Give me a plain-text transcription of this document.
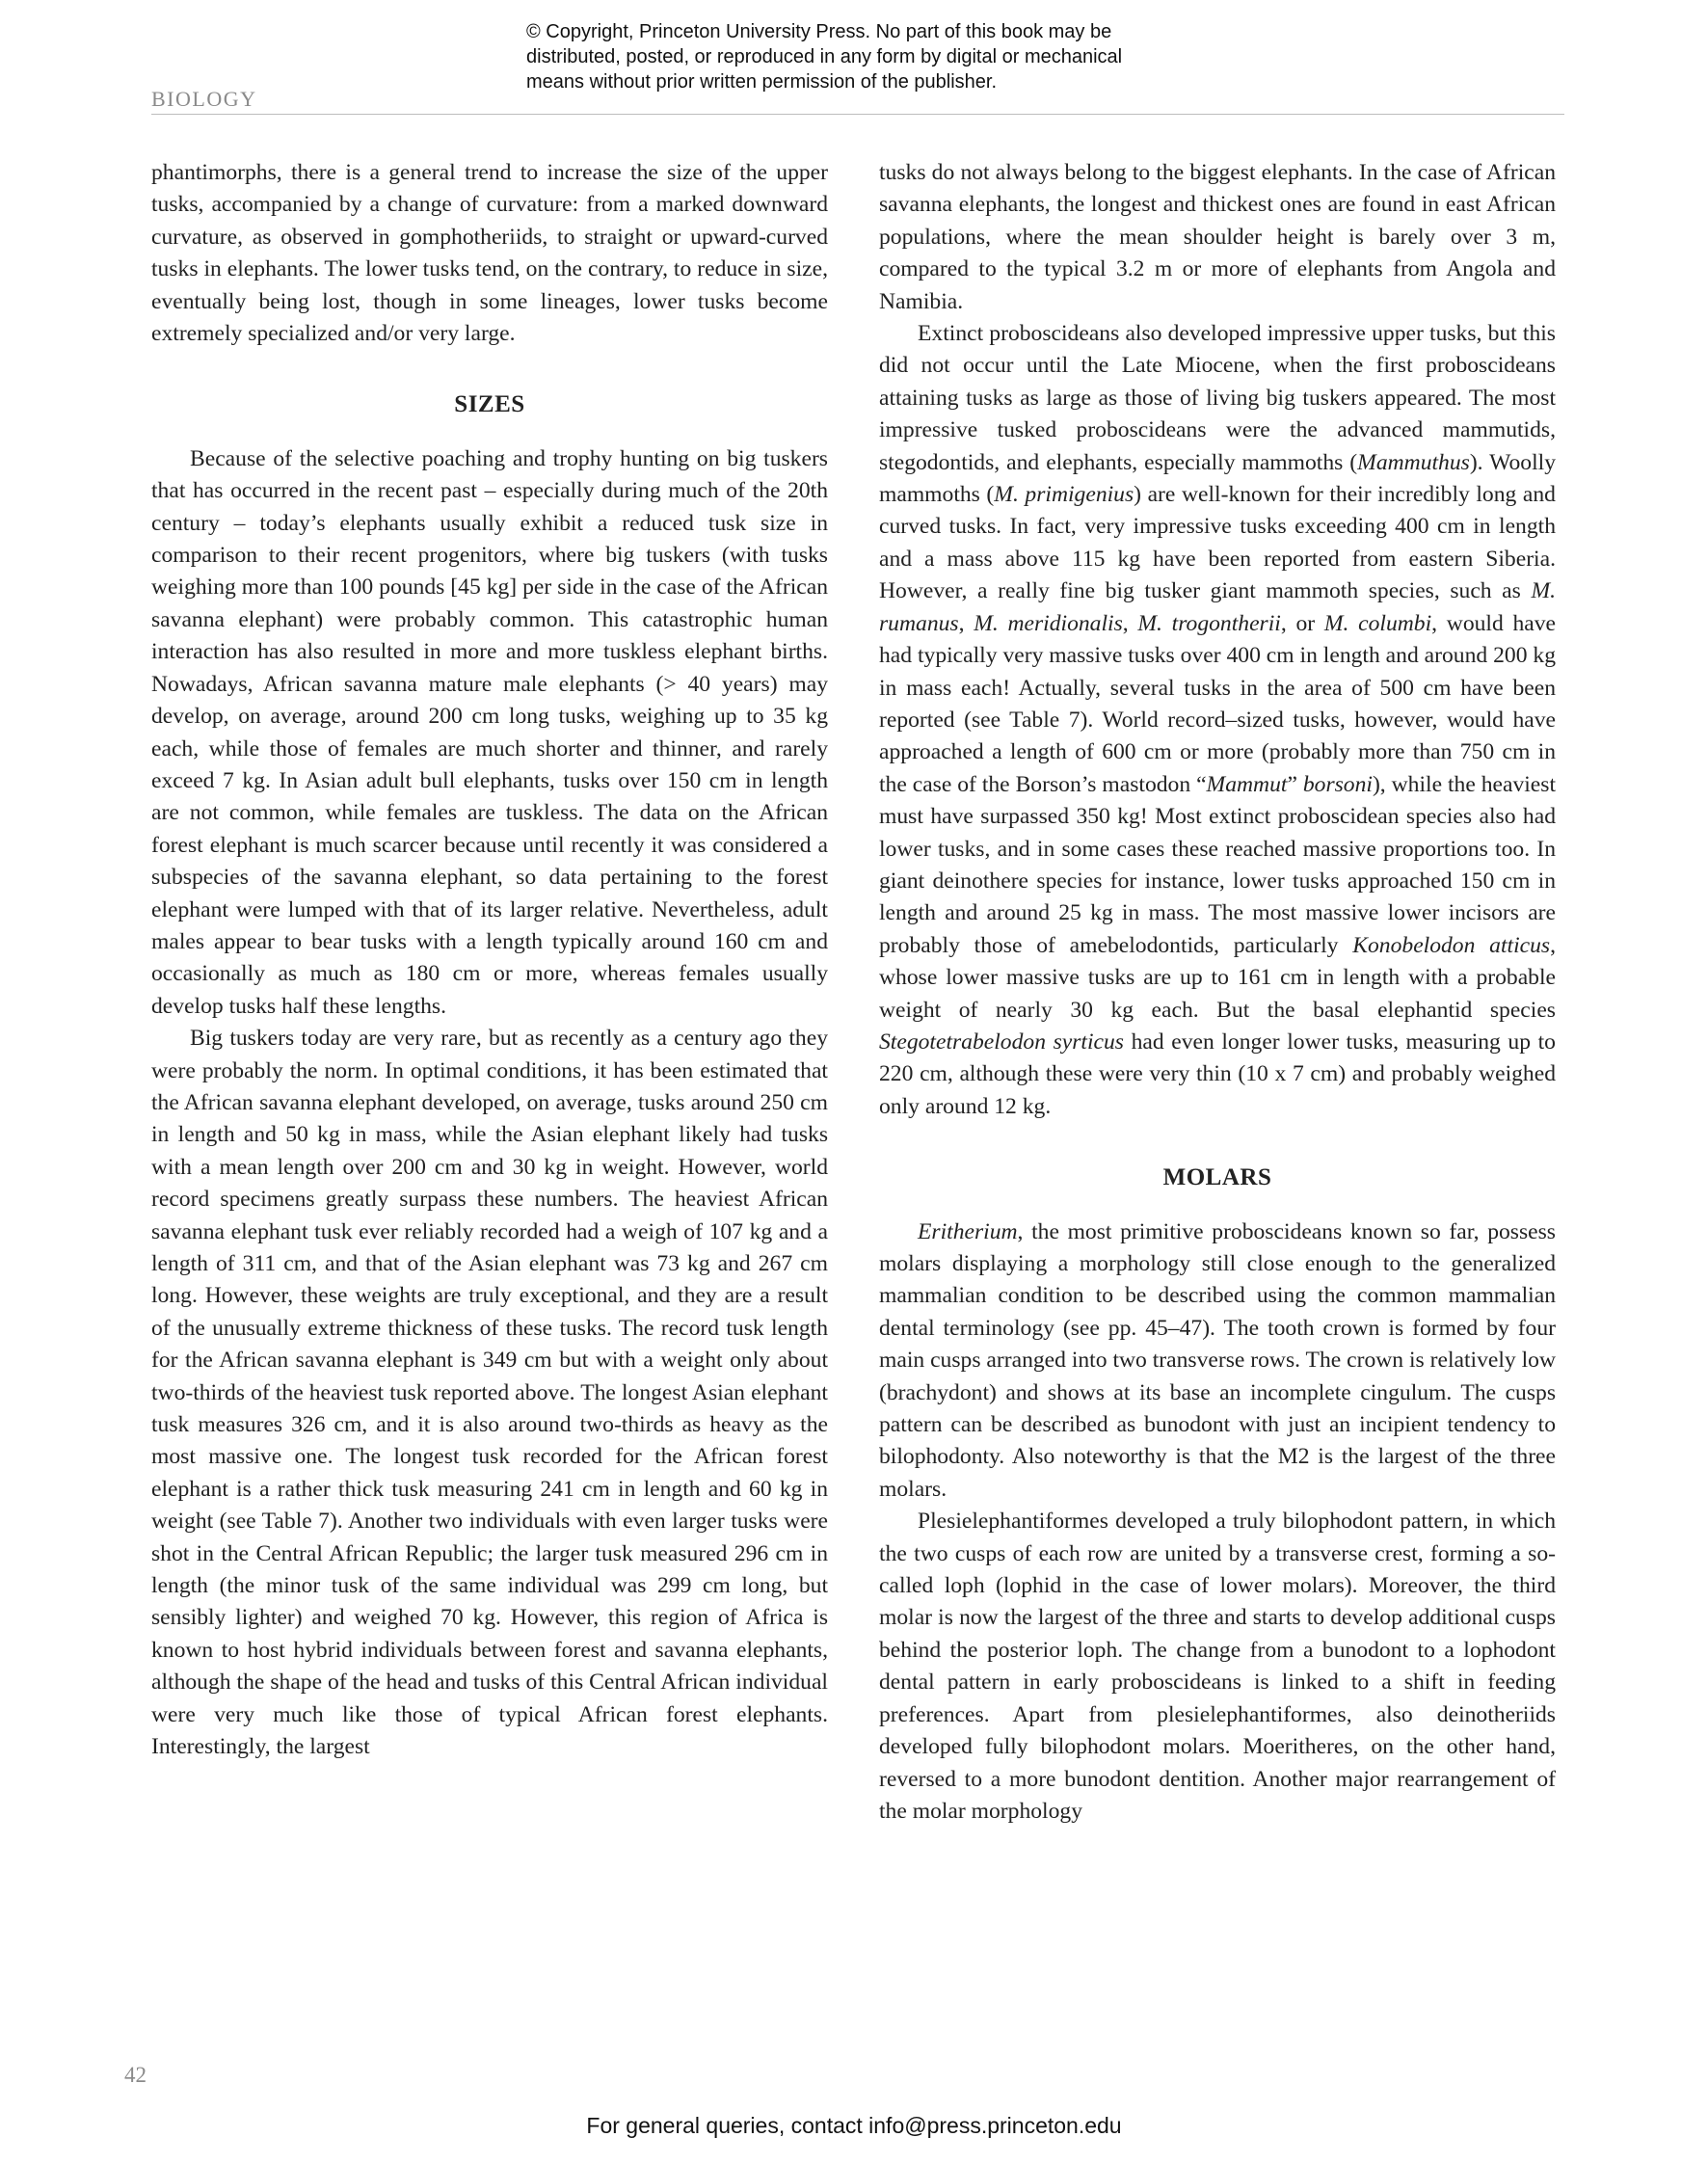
© Copyright, Princeton University Press. No part of this book may be
distributed, posted, or reproduced in any form by digital or mechanical
means without prior written permission of the publisher.
BIOLOGY

phantimorphs, there is a general trend to increase the size of the upper tusks, accompanied by a change of curvature: from a marked downward curvature, as observed in gomphotheriids, to straight or upward-curved tusks in elephants. The lower tusks tend, on the contrary, to reduce in size, eventually being lost, though in some lineages, lower tusks become extremely specialized and/or very large.

SIZES

Because of the selective poaching and trophy hunting on big tuskers that has occurred in the recent past – especially during much of the 20th century – today’s elephants usually exhibit a reduced tusk size in comparison to their recent progenitors, where big tuskers (with tusks weighing more than 100 pounds [45 kg] per side in the case of the African savanna elephant) were probably common. This catastrophic human interaction has also resulted in more and more tuskless elephant births. Nowadays, African savanna mature male elephants (> 40 years) may develop, on average, around 200 cm long tusks, weighing up to 35 kg each, while those of females are much shorter and thinner, and rarely exceed 7 kg. In Asian adult bull elephants, tusks over 150 cm in length are not common, while females are tuskless. The data on the African forest elephant is much scarcer because until recently it was considered a subspecies of the savanna elephant, so data pertaining to the forest elephant were lumped with that of its larger relative. Nevertheless, adult males appear to bear tusks with a length typically around 160 cm and occasionally as much as 180 cm or more, whereas females usually develop tusks half these lengths.

Big tuskers today are very rare, but as recently as a century ago they were probably the norm. In optimal conditions, it has been estimated that the African savanna elephant developed, on average, tusks around 250 cm in length and 50 kg in mass, while the Asian elephant likely had tusks with a mean length over 200 cm and 30 kg in weight. However, world record specimens greatly surpass these numbers. The heaviest African savanna elephant tusk ever reliably recorded had a weigh of 107 kg and a length of 311 cm, and that of the Asian elephant was 73 kg and 267 cm long. However, these weights are truly exceptional, and they are a result of the unusually extreme thickness of these tusks. The record tusk length for the African savanna elephant is 349 cm but with a weight only about two-thirds of the heaviest tusk reported above. The longest Asian elephant tusk measures 326 cm, and it is also around two-thirds as heavy as the most massive one. The longest tusk recorded for the African forest elephant is a rather thick tusk measuring 241 cm in length and 60 kg in weight (see Table 7). Another two individuals with even larger tusks were shot in the Central African Republic; the larger tusk measured 296 cm in length (the minor tusk of the same individual was 299 cm long, but sensibly lighter) and weighed 70 kg. However, this region of Africa is known to host hybrid individuals between forest and savanna elephants, although the shape of the head and tusks of this Central African individual were very much like those of typical African forest elephants. Interestingly, the largest

tusks do not always belong to the biggest elephants. In the case of African savanna elephants, the longest and thickest ones are found in east African populations, where the mean shoulder height is barely over 3 m, compared to the typical 3.2 m or more of elephants from Angola and Namibia.

Extinct proboscideans also developed impressive upper tusks, but this did not occur until the Late Miocene, when the first proboscideans attaining tusks as large as those of living big tuskers appeared. The most impressive tusked proboscideans were the advanced mammutids, stegodontids, and elephants, especially mammoths (Mammuthus). Woolly mammoths (M. primigenius) are well-known for their incredibly long and curved tusks. In fact, very impressive tusks exceeding 400 cm in length and a mass above 115 kg have been reported from eastern Siberia. However, a really fine big tusker giant mammoth species, such as M. rumanus, M. meridionalis, M. trogontherii, or M. columbi, would have had typically very massive tusks over 400 cm in length and around 200 kg in mass each! Actually, several tusks in the area of 500 cm have been reported (see Table 7). World record–sized tusks, however, would have approached a length of 600 cm or more (probably more than 750 cm in the case of the Borson’s mastodon “Mammut” borsoni), while the heaviest must have surpassed 350 kg! Most extinct proboscidean species also had lower tusks, and in some cases these reached massive proportions too. In giant deinothere species for instance, lower tusks approached 150 cm in length and around 25 kg in mass. The most massive lower incisors are probably those of amebelodontids, particularly Konobelodon atticus, whose lower massive tusks are up to 161 cm in length with a probable weight of nearly 30 kg each. But the basal elephantid species Stegotetrabelodon syrticus had even longer lower tusks, measuring up to 220 cm, although these were very thin (10 x 7 cm) and probably weighed only around 12 kg.

MOLARS

Eritherium, the most primitive proboscideans known so far, possess molars displaying a morphology still close enough to the generalized mammalian condition to be described using the common mammalian dental terminology (see pp. 45–47). The tooth crown is formed by four main cusps arranged into two transverse rows. The crown is relatively low (brachydont) and shows at its base an incomplete cingulum. The cusps pattern can be described as bunodont with just an incipient tendency to bilophodonty. Also noteworthy is that the M2 is the largest of the three molars.

Plesielephantiformes developed a truly bilophodont pattern, in which the two cusps of each row are united by a transverse crest, forming a so-called loph (lophid in the case of lower molars). Moreover, the third molar is now the largest of the three and starts to develop additional cusps behind the posterior loph. The change from a bunodont to a lophodont dental pattern in early proboscideans is linked to a shift in feeding preferences. Apart from plesielephantiformes, also deinotheriids developed fully bilophodont molars. Moeritheres, on the other hand, reversed to a more bunodont dentition. Another major rearrangement of the molar morphology

42
For general queries, contact info@press.princeton.edu
